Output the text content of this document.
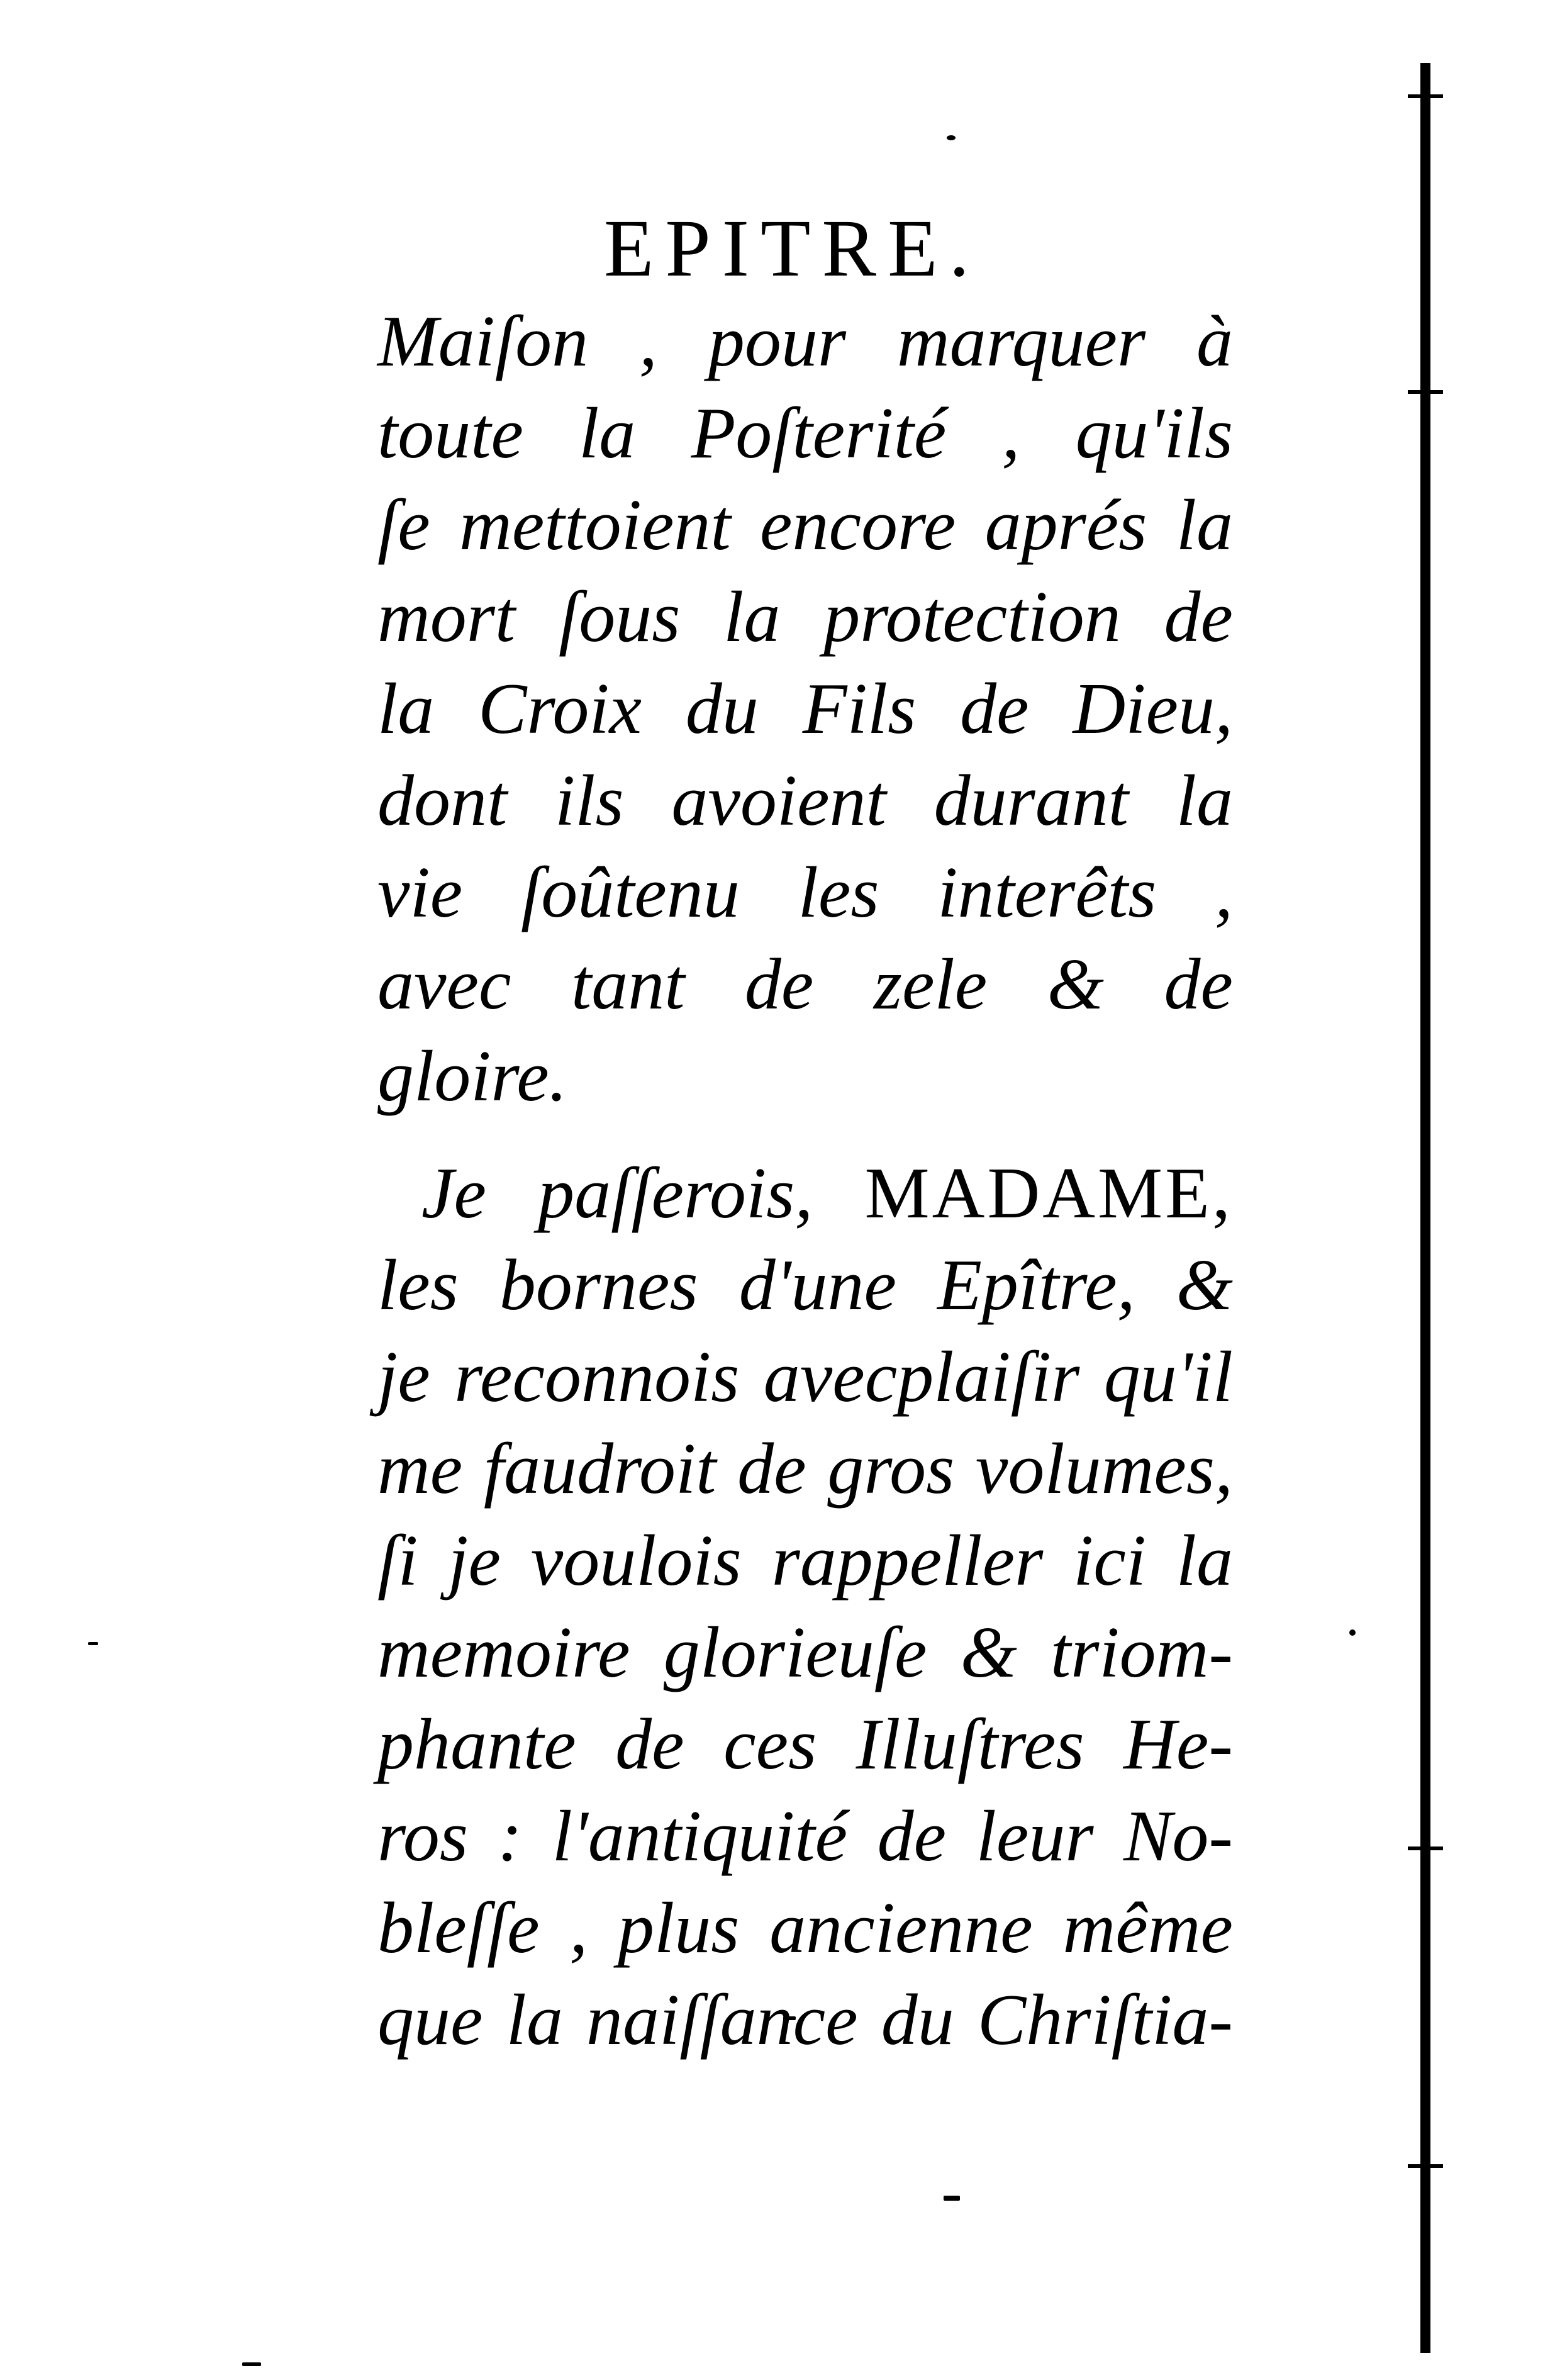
EPITRE.
Maiſon , pour marquer à
toute la Poſterité , qu'ils
ſe mettoient encore aprés la
mort ſous la protection de
la Croix du Fils de Dieu,
dont ils avoient durant la
vie ſoûtenu les interêts ,
avec tant de zele & de
gloire.
Je paſſerois, MADAME,
les bornes d'une Epître, &
je reconnois avecplaiſir qu'il
me faudroit de gros volumes,
ſi je voulois rappeller ici la
memoire glorieuſe & triom-
phante de ces Illuſtres He-
ros : l'antiquité de leur No-
bleſſe , plus ancienne même
que la naiſſance du Chriſtia-
